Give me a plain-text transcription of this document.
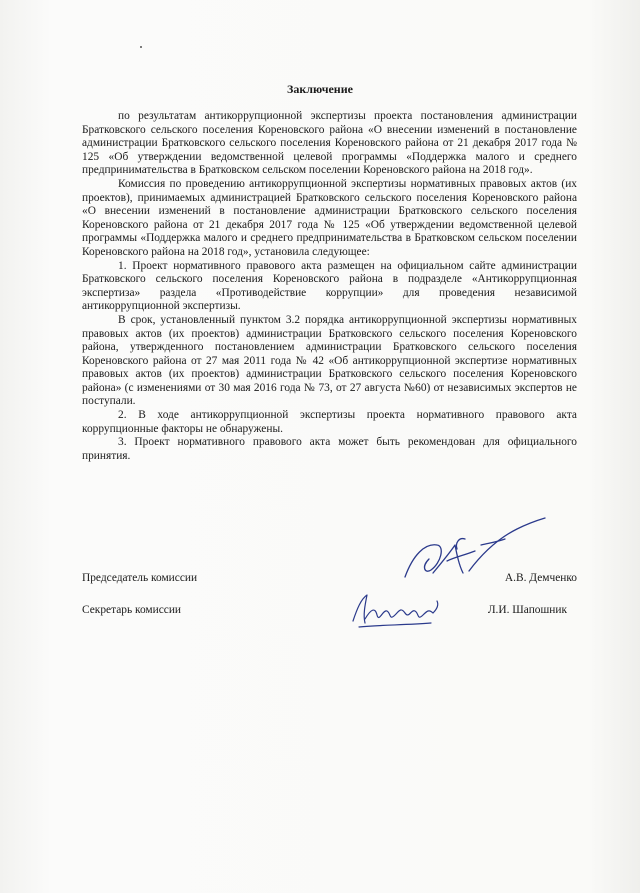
Заключение

по результатам антикоррупционной экспертизы проекта постановления администрации Братковского сельского поселения Кореновского района «О внесении изменений в постановление администрации Братковского сельского поселения Кореновского района от 21 декабря 2017 года № 125 «Об утверждении ведомственной целевой программы «Поддержка малого и среднего предпринимательства в Братковском сельском поселении Кореновского района на 2018 год».

Комиссия по проведению антикоррупционной экспертизы нормативных правовых актов (их проектов), принимаемых администрацией Братковского сельского поселения Кореновского района «О внесении изменений в постановление администрации Братковского сельского поселения Кореновского района от 21 декабря 2017 года № 125 «Об утверждении ведомственной целевой программы «Поддержка малого и среднего предпринимательства в Братковском сельском поселении Кореновского района на 2018 год», установила следующее:

1. Проект нормативного правового акта размещен на официальном сайте администрации Братковского сельского поселения Кореновского района в подразделе «Антикоррупционная экспертиза» раздела «Противодействие коррупции» для проведения независимой антикоррупционной экспертизы.

В срок, установленный пунктом 3.2 порядка антикоррупционной экспертизы нормативных правовых актов (их проектов) администрации Братковского сельского поселения Кореновского района, утвержденного постановлением администрации Братковского сельского поселения Кореновского района от 27 мая 2011 года № 42 «Об антикоррупционной экспертизе нормативных правовых актов (их проектов) администрации Братковского сельского поселения Кореновского района» (с изменениями от 30 мая 2016 года № 73, от 27 августа №60) от независимых экспертов не поступали.

2. В ходе антикоррупционной экспертизы проекта нормативного правового акта коррупционные факторы не обнаружены.

3. Проект нормативного правового акта может быть рекомендован для официального принятия.

Председатель комиссии	А.В. Демченко
Секретарь комиссии	Л.И. Шапошник
